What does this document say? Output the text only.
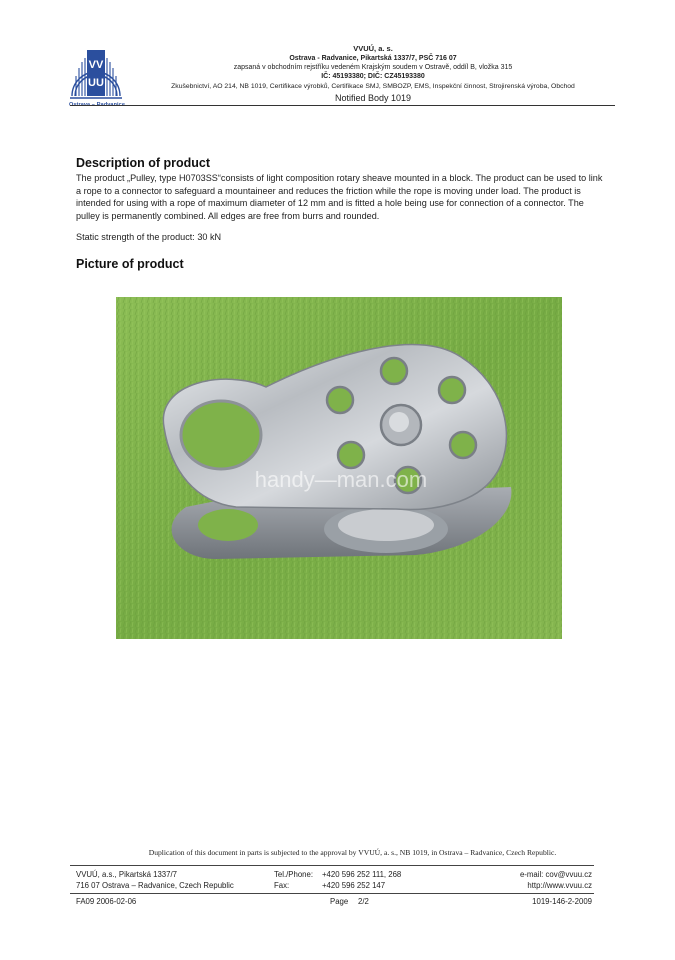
VV
UU
Ostrava – Radvanice
VVUÚ, a. s.
Ostrava - Radvanice, Pikartská 1337/7, PSČ 716 07
zapsaná v obchodním rejstříku vedeném Krajským soudem v Ostravě, oddíl B, vložka 315
IČ: 45193380; DIČ: CZ45193380
Zkušebnictví, AO 214, NB 1019, Certifikace výrobků, Certifikace SMJ, SMBOZP, EMS, Inspekční činnost, Strojirenská výroba, Obchod
Notified Body 1019
Description of product
The product „Pulley, type H0703SS“consists of light composition rotary sheave mounted in a block. The product can be used to link a rope to a connector to safeguard a mountaineer and reduces the friction while the rope is moving under load. The product is intended for using with a rope of maximum diameter of 12 mm and is fitted a hole being use for connection of a connector. The pulley is permanently combined. All edges are free from burrs and rounded.
Static strength of the product: 30 kN
Picture of product
handy—man.com
Duplication of this document in parts is subjected to the approval by VVUÚ, a. s., NB 1019, in Ostrava – Radvanice, Czech Republic.
VVUÚ, a.s., Pikartská 1337/7
716 07 Ostrava – Radvanice, Czech Republic
Tel./Phone: +420 596 252 111, 268
Fax:	+420 596 252 147
e-mail: cov@vvuu.cz
http://www.vvuu.cz
FA09 2006-02-06	Page 2/2	1019-146-2-2009
